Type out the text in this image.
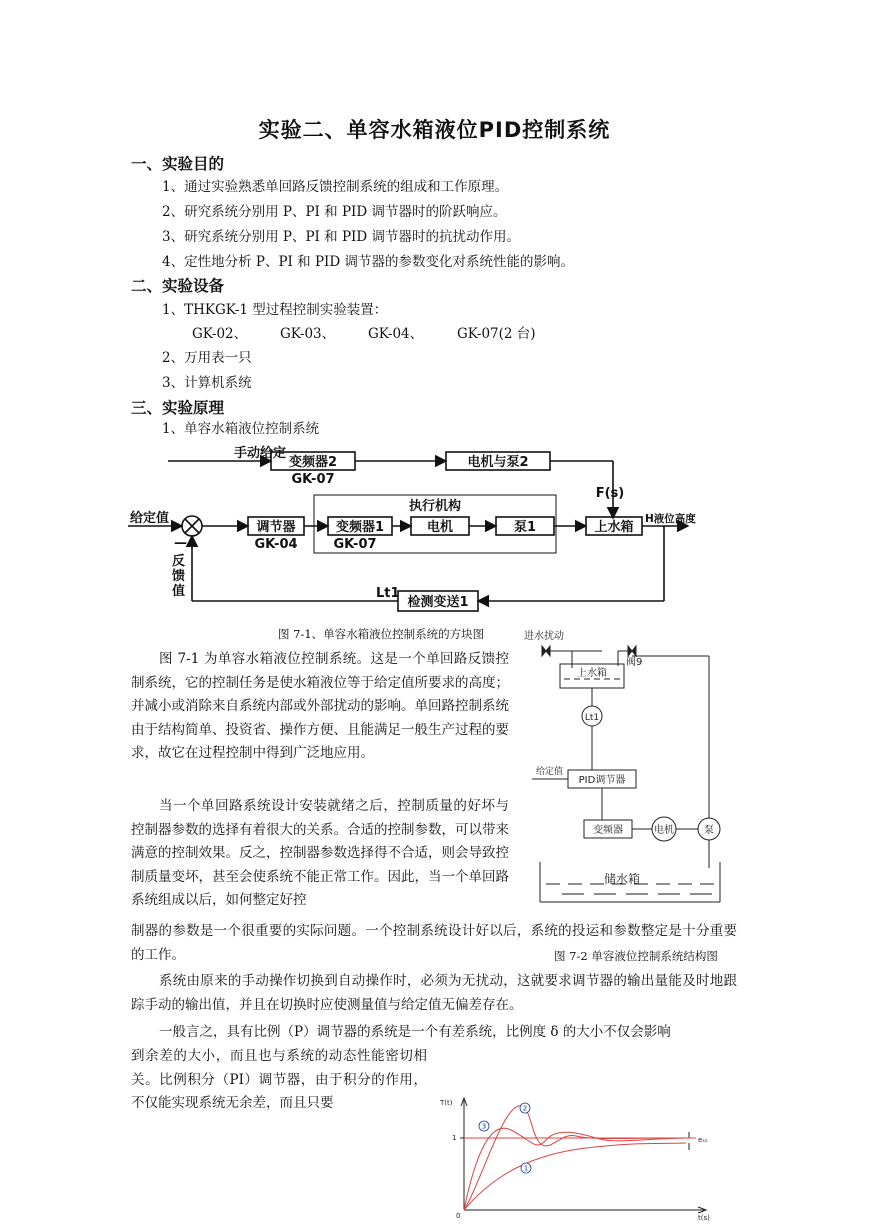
实验二、单容水箱液位PID控制系统
一、实验目的
1、通过实验熟悉单回路反馈控制系统的组成和工作原理。
2、研究系统分别用 P、PI 和 PID 调节器时的阶跃响应。
3、研究系统分别用 P、PI 和 PID 调节器时的抗扰动作用。
4、定性地分析 P、PI 和 PID 调节器的参数变化对系统性能的影响。
二、实验设备
1、THKGK-1 型过程控制实验装置：
GK-02、 GK-03、 GK-04、	GK-07(2 台)
2、万用表一只
3、计算机系统
三、实验原理
1、单容水箱液位控制系统
手动给定
变频器2
GK-07
电机与泵2
F(s)
给定值
执行机构
调节器
GK-04
变频器1
GK-07
电机	泵1	上水箱
H液位高度
—
反
馈
值	Lt1
检测变送1
图 7-1、单容水箱液位控制系统的方块图	进水扰动
上水箱
阀9
Lt1
给定值
PID调节器
变频器	电机	泵
储水箱
图 7-1 为单容水箱液位控制系统。这是一个单回路反馈控制系统，它的控制任务是使水箱液位等于给定值所要求的高度；并减小或消除来自系统内部或外部扰动的影响。单回路控制系统由于结构简单、投资省、操作方便、且能满足一般生产过程的要求，故它在过程控制中得到广泛地应用。
当一个单回路系统设计安装就绪之后，控制质量的好坏与控制器参数的选择有着很大的关系。合适的控制参数，可以带来满意的控制效果。反之，控制器参数选择得不合适，则会导致控制质量变坏，甚至会使系统不能正常工作。因此，当一个单回路系统组成以后，如何整定好控
制器的参数是一个很重要的实际问题。一个控制系统设计好以后，系统的投运和参数整定是十分重要的工作。	图 7-2 单容液位控制系统结构图
系统由原来的手动操作切换到自动操作时，必须为无扰动，这就要求调节器的输出量能及时地跟踪手动的输出值，并且在切换时应使测量值与给定值无偏差存在。
一般言之，具有比例（P）调节器的系统是一个有差系统，比例度 δ 的大小不仅会影响
到余差的大小，而且也与系统的动态性能密切相关。比例积分（PI）调节器，由于积分的作用，不仅能实现系统无余差，而且只要
3
2
1
T(t)
1
0	t(s)
eₛₛ
